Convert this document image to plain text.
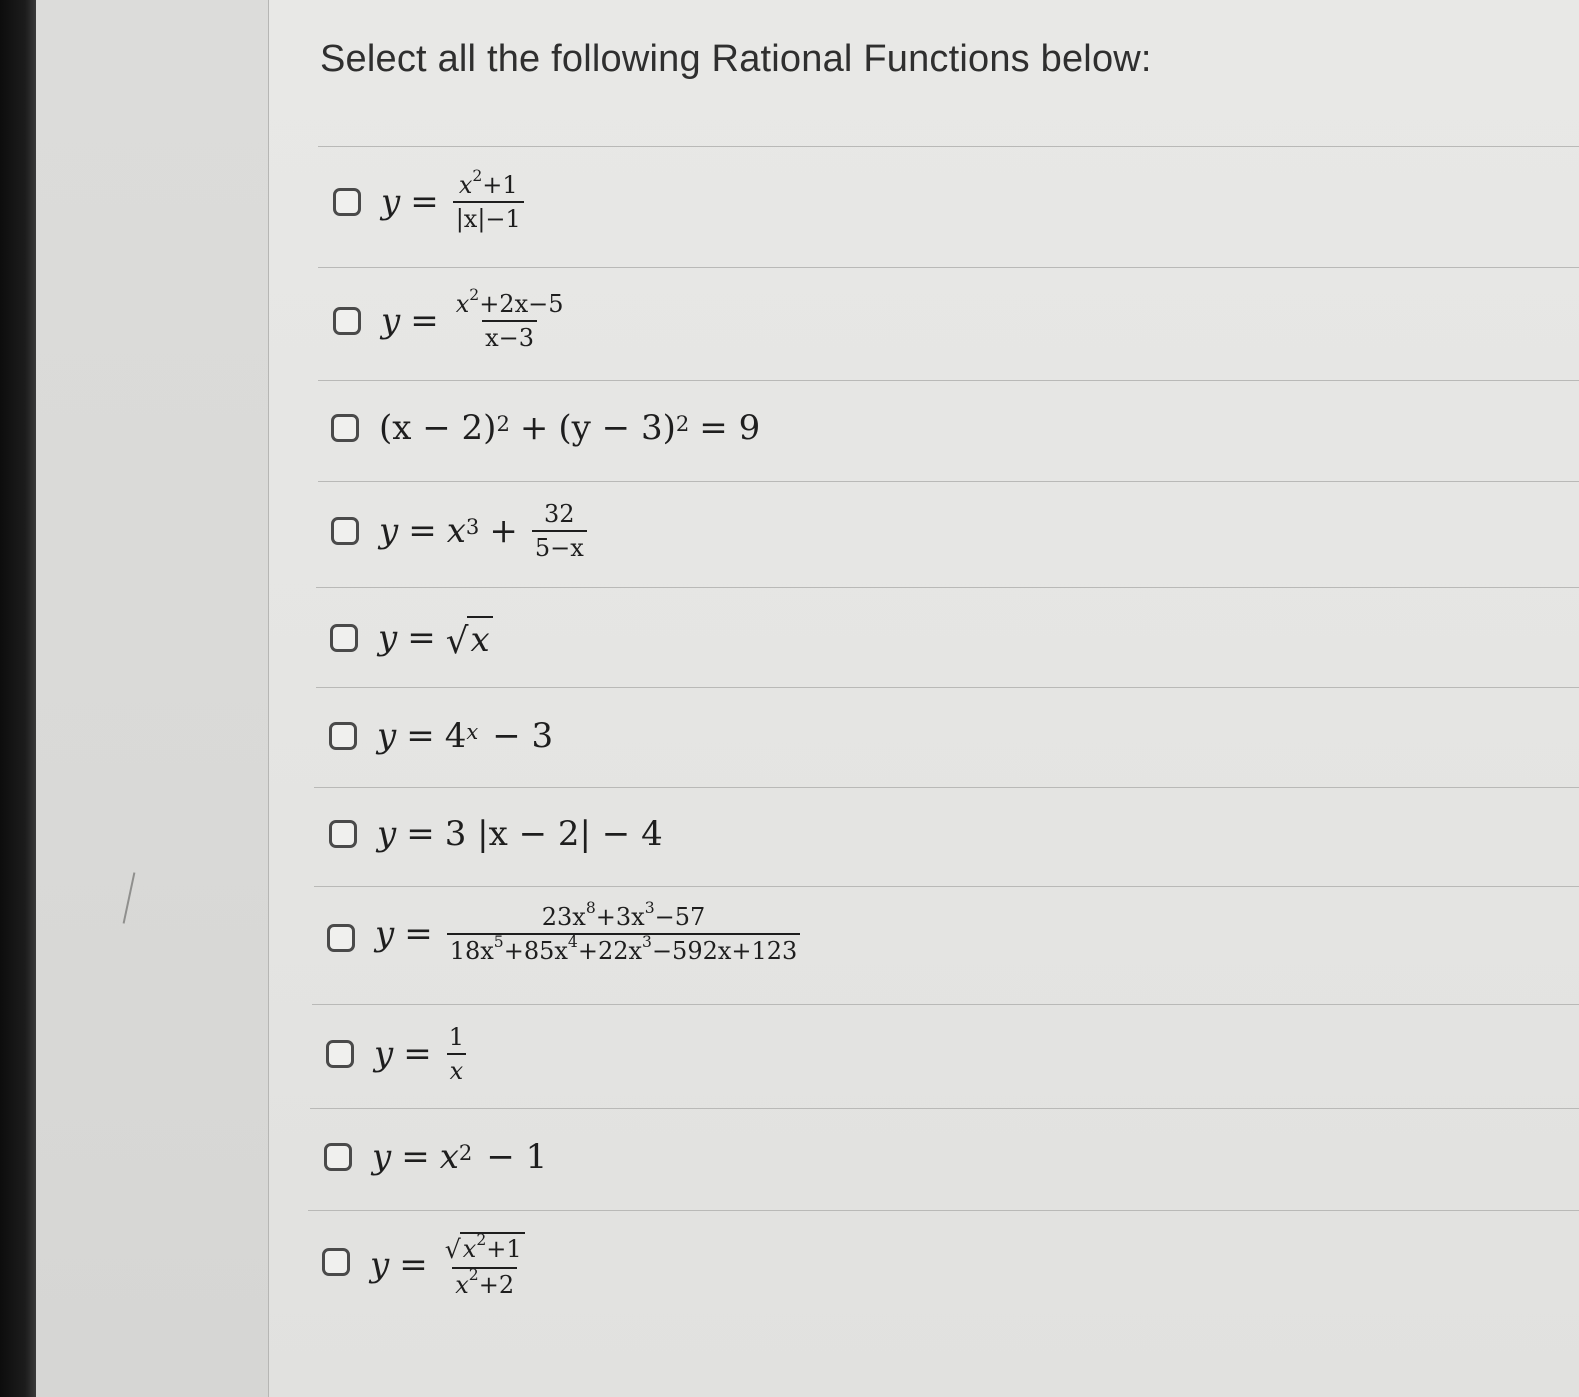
Select all the following Rational Functions below:
$y = \frac{x^2+1}{|x|-1}$
$y = \frac{x^2+2x-5}{x-3}$
$(x - 2)^2 + (y - 3)^2 = 9$
$y = x^3 + \frac{32}{5-x}$
y = √ x
$y = 4^x - 3$
y = 3 |x − 2| − 4
$y = \frac{23x^8+3x^3-57}{18x^5+85x^4+22x^3-592x+123}$
$y = \frac{1}{x}$
$y = x^2 - 1$
$y = \frac{√ x^2+1}{x^2+2}$
